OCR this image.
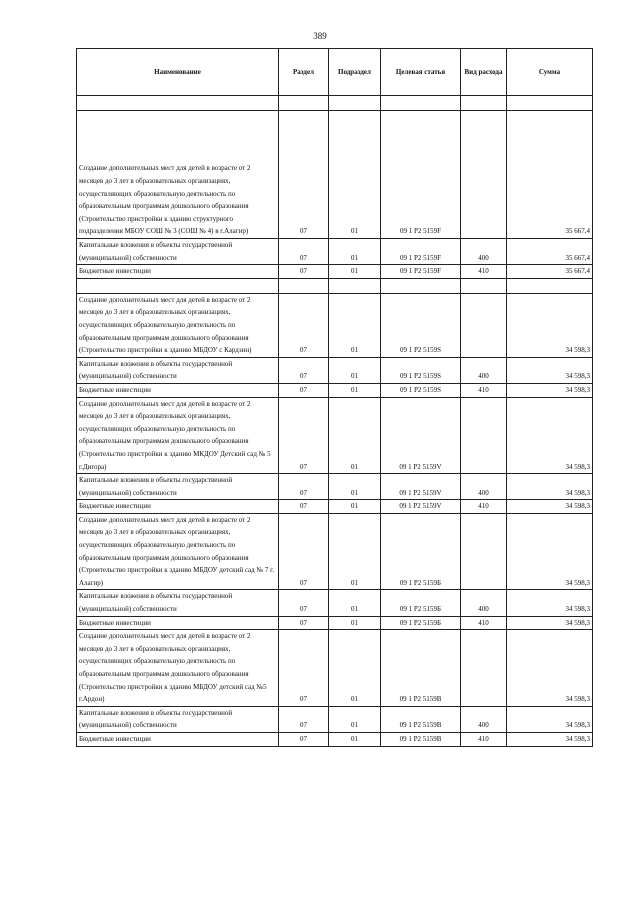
389
Наименование	Раздел	Подраздел	Целевая статья	Вид расхода	Сумма

Создание дополнительных мест для детей в возрасте от 2 месяцев до 3 лет в образовательных организациях, осуществляющих образовательную деятельность по образовательным программам дошкольного образования (Строительство пристройки к зданию структурного подразделения МБОУ СОШ № 3 (СОШ № 4) в г.Алагир)	07	01	09 1 P2 5159F		35 667,4
Капитальные вложения в объекты государственной (муниципальной) собственности	07	01	09 1 P2 5159F	400	35 667,4
Бюджетные инвестиции	07	01	09 1 P2 5159F	410	35 667,4

Создание дополнительных мест для детей в возрасте от 2 месяцев до 3 лет в образовательных организациях, осуществляющих образовательную деятельность по образовательным программам дошкольного образования (Строительство пристройки к зданию МБДОУ с Кардзин)	07	01	09 1 P2 5159S		34 598,3
Капитальные вложения в объекты государственной (муниципальной) собственности	07	01	09 1 P2 5159S	400	34 598,3
Бюджетные инвестиции	07	01	09 1 P2 5159S	410	34 598,3
Создание дополнительных мест для детей в возрасте от 2 месяцев до 3 лет в образовательных организациях, осуществляющих образовательную деятельность по образовательным программам дошкольного образования (Строительство пристройки к зданию МКДОУ Детский сад № 5 г.Дигора)	07	01	09 1 P2 5159V		34 598,3
Капитальные вложения в объекты государственной (муниципальной) собственности	07	01	09 1 P2 5159V	400	34 598,3
Бюджетные инвестиции	07	01	09 1 P2 5159V	410	34 598,3
Создание дополнительных мест для детей в возрасте от 2 месяцев до 3 лет в образовательных организациях, осуществляющих образовательную деятельность по образовательным программам дошкольного образования (Строительство пристройки к зданию МБДОУ детский сад № 7 г. Алагир)	07	01	09 1 P2 5159Б		34 598,3
Капитальные вложения в объекты государственной (муниципальной) собственности	07	01	09 1 P2 5159Б	400	34 598,3
Бюджетные инвестиции	07	01	09 1 P2 5159Б	410	34 598,3
Создание дополнительных мест для детей в возрасте от 2 месяцев до 3 лет в образовательных организациях, осуществляющих образовательную деятельность по образовательным программам дошкольного образования (Строительство пристройки к зданию МБДОУ детский сад №5 г.Ардон)	07	01	09 1 P2 5159В		34 598,3
Капитальные вложения в объекты государственной (муниципальной) собственности	07	01	09 1 P2 5159В	400	34 598,3
Бюджетные инвестиции	07	01	09 1 P2 5159В	410	34 598,3
